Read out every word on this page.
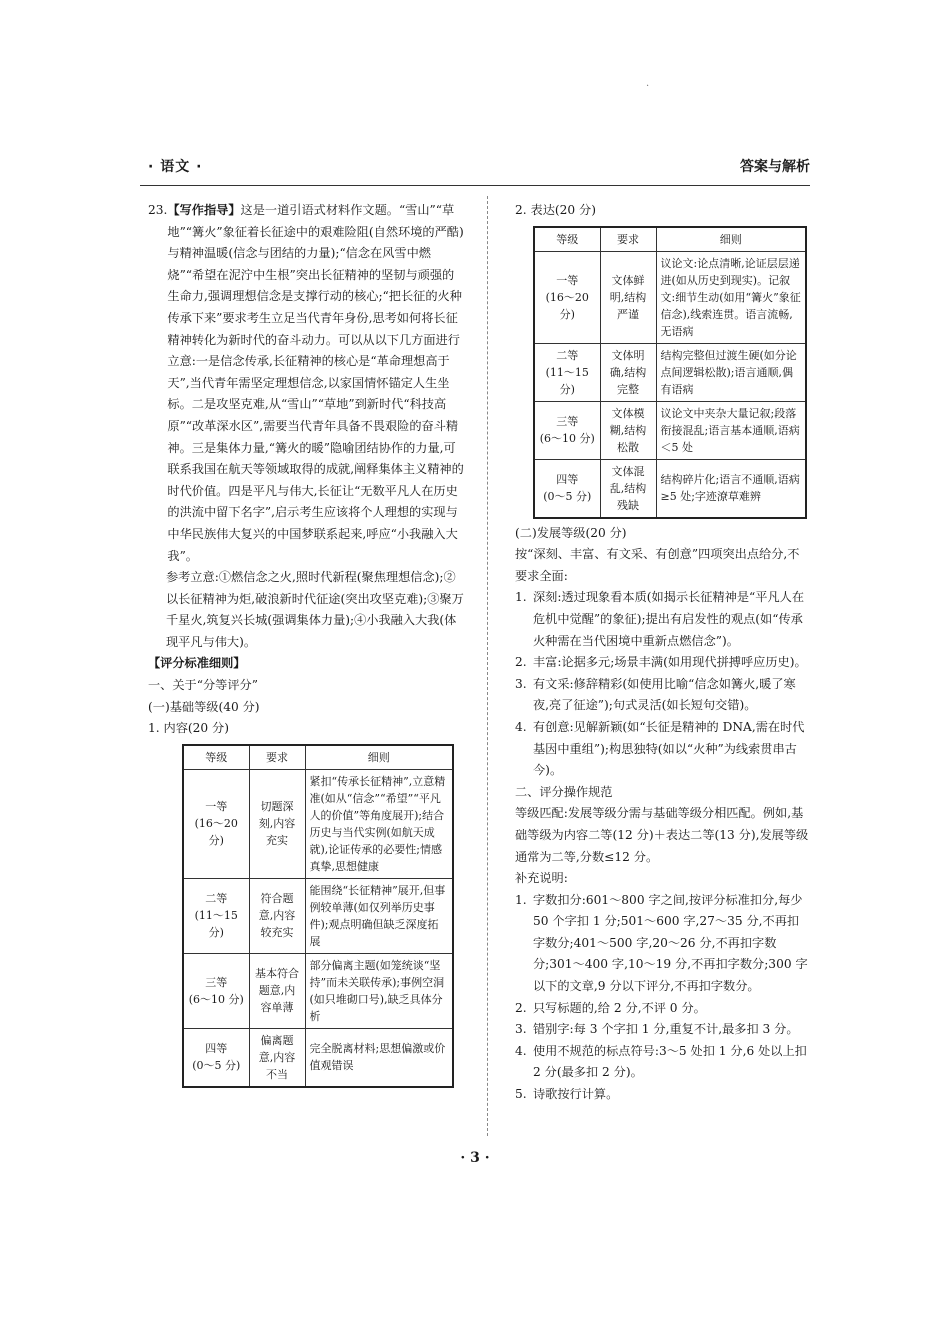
.
· 语文 ·	答案与解析
23. 【写作指导】这是一道引语式材料作文题。“雪山”“草地”“篝火”象征着长征途中的艰难险阻(自然环境的严酷)与精神温暖(信念与团结的力量);“信念在风雪中燃烧”“希望在泥泞中生根”突出长征精神的坚韧与顽强的生命力,强调理想信念是支撑行动的核心;“把长征的火种传承下来”要求考生立足当代青年身份,思考如何将长征精神转化为新时代的奋斗动力。可以从以下几方面进行立意:一是信念传承,长征精神的核心是“革命理想高于天”,当代青年需坚定理想信念,以家国情怀锚定人生坐标。二是攻坚克难,从“雪山”“草地”到新时代“科技高原”“改革深水区”,需要当代青年具备不畏艰险的奋斗精神。三是集体力量,“篝火的暖”隐喻团结协作的力量,可联系我国在航天等领域取得的成就,阐释集体主义精神的时代价值。四是平凡与伟大,长征让“无数平凡人在历史的洪流中留下名字”,启示考生应该将个人理想的实现与中华民族伟大复兴的中国梦联系起来,呼应“小我融入大我”。

参考立意:①燃信念之火,照时代新程(聚焦理想信念);②以长征精神为炬,破浪新时代征途(突出攻坚克难);③聚万千星火,筑复兴长城(强调集体力量);④小我融入大我(体现平凡与伟大)。

【评分标准细则】

一、关于“分等评分”

(一)基础等级(40 分)

1. 内容(20 分)

等级	要求	细则

一等
(16～20 分)	切题深刻,内容充实	紧扣“传承长征精神”,立意精准(如从“信念”“希望”“平凡人的价值”等角度展开);结合历史与当代实例(如航天成就),论证传承的必要性;情感真挚,思想健康

二等
(11～15 分)	符合题意,内容较充实	能围绕“长征精神”展开,但事例较单薄(如仅列举历史事件);观点明确但缺乏深度拓展

三等
(6～10 分)	基本符合题意,内容单薄	部分偏离主题(如笼统谈“坚持”而未关联传承);事例空洞(如只堆砌口号),缺乏具体分析

四等
(0～5 分)	偏离题意,内容不当	完全脱离材料;思想偏激或价值观错误

2. 表达(20 分)

等级	要求	细则

一等
(16～20 分)	文体鲜明,结构严谨	议论文:论点清晰,论证层层递进(如从历史到现实)。记叙文:细节生动(如用“篝火”象征信念),线索连贯。语言流畅,无语病

二等
(11～15 分)	文体明确,结构完整	结构完整但过渡生硬(如分论点间逻辑松散);语言通顺,偶有语病

三等
(6～10 分)	文体模糊,结构松散	议论文中夹杂大量记叙;段落衔接混乱;语言基本通顺,语病＜5 处

四等
(0～5 分)	文体混乱,结构残缺	结构碎片化;语言不通顺,语病≥5 处;字迹潦草难辨

(二)发展等级(20 分)

按“深刻、丰富、有文采、有创意”四项突出点给分,不要求全面:

1. 深刻:透过现象看本质(如揭示长征精神是“平凡人在危机中觉醒”的象征);提出有启发性的观点(如“传承火种需在当代困境中重新点燃信念”)。
2. 丰富:论据多元;场景丰满(如用现代拼搏呼应历史)。
3. 有文采:修辞精彩(如使用比喻“信念如篝火,暖了寒夜,亮了征途”);句式灵活(如长短句交错)。
4. 有创意:见解新颖(如“长征是精神的 DNA,需在时代基因中重组”);构思独特(如以“火种”为线索贯串古今)。

二、评分操作规范

等级匹配:发展等级分需与基础等级分相匹配。例如,基础等级为内容二等(12 分)＋表达二等(13 分),发展等级通常为二等,分数≤12 分。

补充说明:

1. 字数扣分:601～800 字之间,按评分标准扣分,每少 50 个字扣 1 分;501～600 字,27～35 分,不再扣字数分;401～500 字,20～26 分,不再扣字数分;301～400 字,10～19 分,不再扣字数分;300 字以下的文章,9 分以下评分,不再扣字数分。
2. 只写标题的,给 2 分,不评 0 分。
3. 错别字:每 3 个字扣 1 分,重复不计,最多扣 3 分。
4. 使用不规范的标点符号:3～5 处扣 1 分,6 处以上扣 2 分(最多扣 2 分)。
5. 诗歌按行计算。
· 3 ·
